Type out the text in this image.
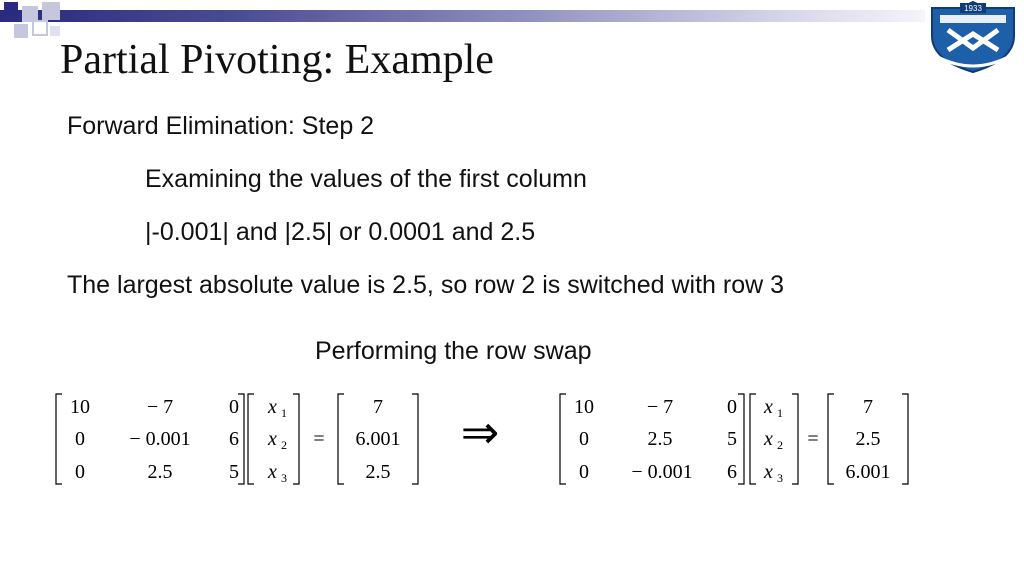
1933
Partial Pivoting: Example
Forward Elimination: Step 2
Examining the values of the first column
|-0.001| and |2.5| or 0.0001 and 2.5
The largest absolute value is 2.5, so row 2 is switched with row 3
Performing the row swap
10	− 7	0
0 − 0.001 6
0	2.5	5
x 1
x 2
x 3
=
7
6.001
2.5
⇒	10	− 7	0
0	2.5	5
0 − 0.001 6
x 1
x 2
x 3
=
7
2.5
6.001
